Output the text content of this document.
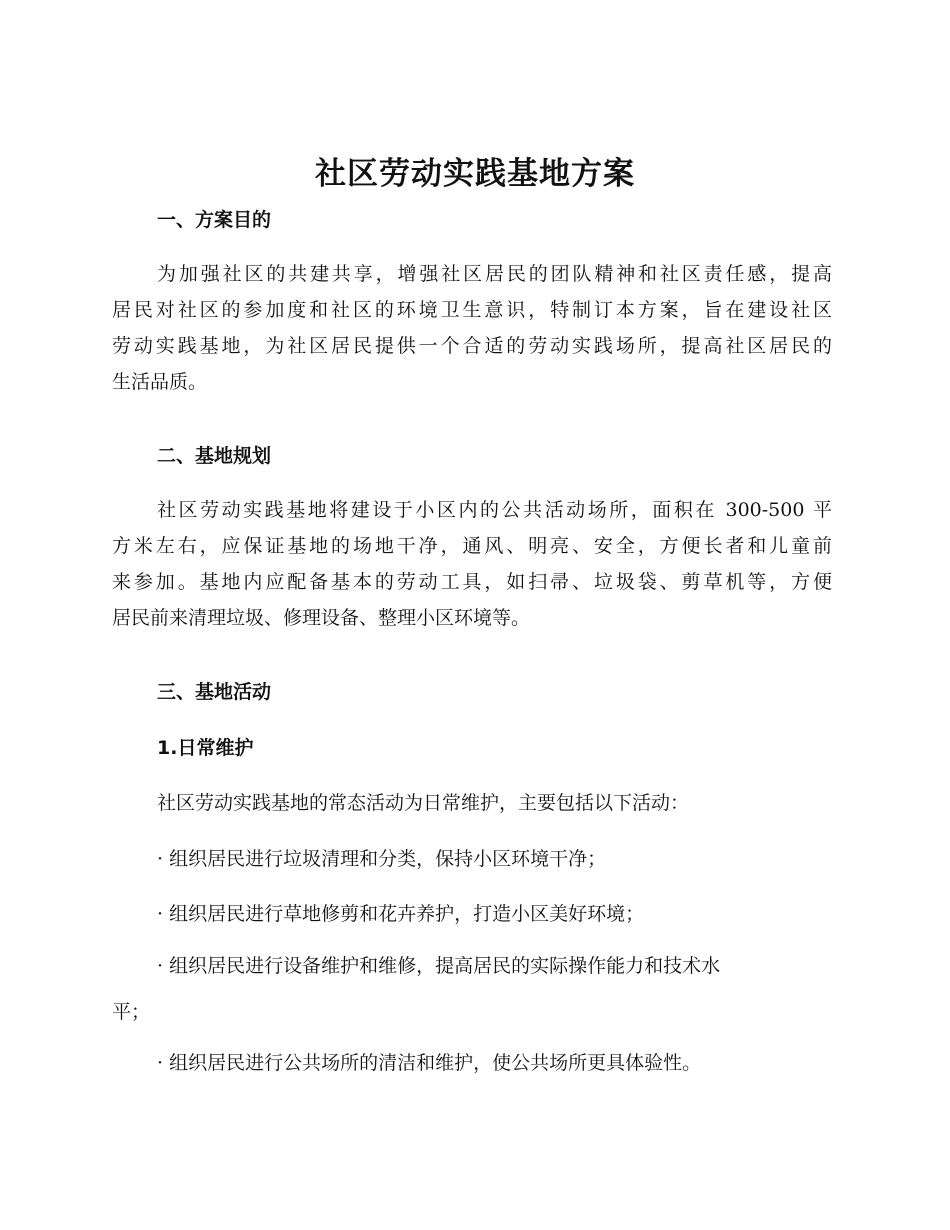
社区劳动实践基地方案
一、方案目的
为加强社区的共建共享，增强社区居民的团队精神和社区责任感，提高
居民对社区的参加度和社区的环境卫生意识，特制订本方案，旨在建设社区
劳动实践基地，为社区居民提供一个合适的劳动实践场所，提高社区居民的
生活品质。
二、基地规划
社区劳动实践基地将建设于小区内的公共活动场所，面积在 300-500 平
方米左右，应保证基地的场地干净，通风、明亮、安全，方便长者和儿童前
来参加。基地内应配备基本的劳动工具，如扫帚、垃圾袋、剪草机等，方便
居民前来清理垃圾、修理设备、整理小区环境等。
三、基地活动
1.日常维护
社区劳动实践基地的常态活动为日常维护，主要包括以下活动：
· 组织居民进行垃圾清理和分类，保持小区环境干净；
· 组织居民进行草地修剪和花卉养护，打造小区美好环境；
· 组织居民进行设备维护和维修，提高居民的实际操作能力和技术水
平；
· 组织居民进行公共场所的清洁和维护，使公共场所更具体验性。
